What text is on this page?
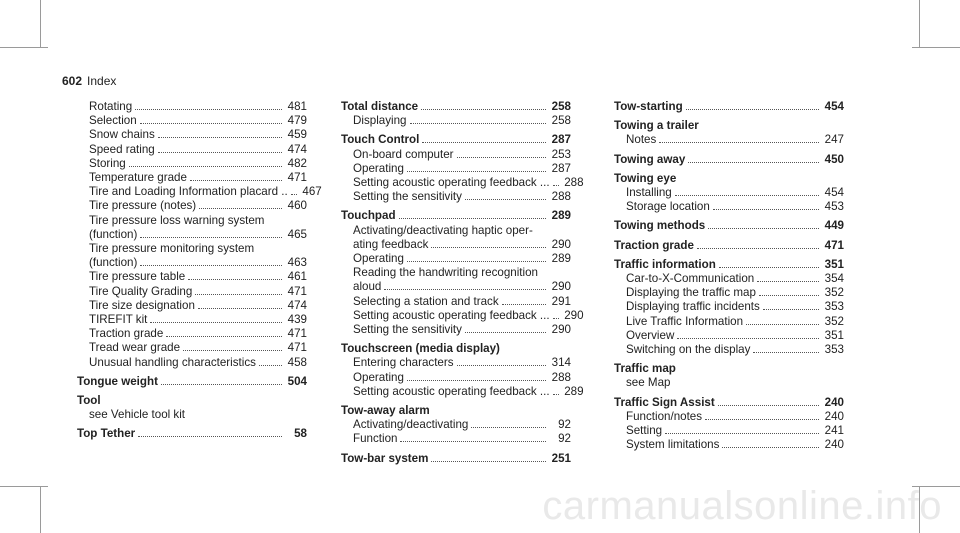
602 Index
Rotating	481
Selection	479
Snow chains	459
Speed rating	474
Storing	482
Temperature grade	471
Tire and Loading Information placard .. 467
Tire pressure (notes)	460
Tire pressure loss warning system
(function)	465
Tire pressure monitoring system
(function)	463
Tire pressure table	461
Tire Quality Grading	471
Tire size designation	474
TIREFIT kit	439
Traction grade	471
Tread wear grade	471
Unusual handling characteristics	458
Tongue weight	504
Tool
see Vehicle tool kit
Top Tether	58
Total distance	258
Displaying	258
Touch Control	287
On-board computer	253
Operating	287
Setting acoustic operating feedback ... 288
Setting the sensitivity	288
Touchpad	289
Activating/deactivating haptic oper-
ating feedback	290
Operating	289
Reading the handwriting recognition
aloud	290
Selecting a station and track	291
Setting acoustic operating feedback ... 290
Setting the sensitivity	290
Touchscreen (media display)
Entering characters	314
Operating	288
Setting acoustic operating feedback ... 289
Tow-away alarm
Activating/deactivating	92
Function	92
Tow-bar system	251
Tow-starting	454
Towing a trailer
Notes	247
Towing away	450
Towing eye
Installing	454
Storage location	453
Towing methods	449
Traction grade	471
Traffic information	351
Car-to-X-Communication	354
Displaying the traffic map	352
Displaying traffic incidents	353
Live Traffic Information	352
Overview	351
Switching on the display	353
Traffic map
see Map
Traffic Sign Assist	240
Function/notes	240
Setting	241
System limitations	240
carmanualsonline.info
